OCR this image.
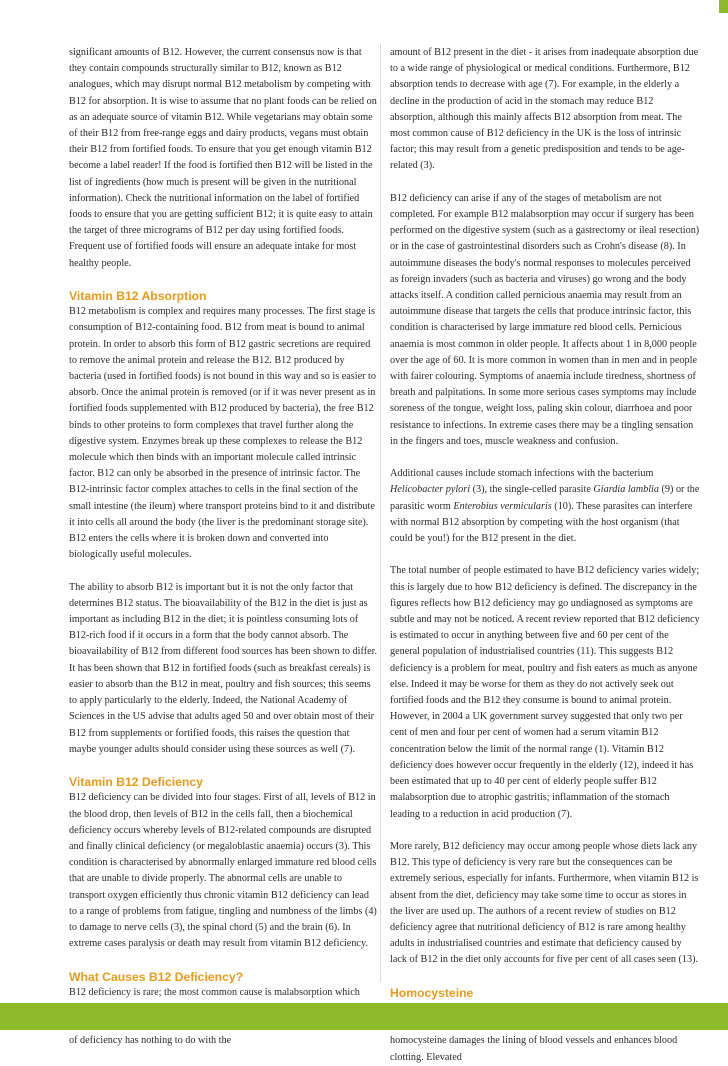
significant amounts of B12. However, the current consensus now is that they contain compounds structurally similar to B12, known as B12 analogues, which may disrupt normal B12 metabolism by competing with B12 for absorption. It is wise to assume that no plant foods can be relied on as an adequate source of vitamin B12. While vegetarians may obtain some of their B12 from free-range eggs and dairy products, vegans must obtain their B12 from fortified foods. To ensure that you get enough vitamin B12 become a label reader! If the food is fortified then B12 will be listed in the list of ingredients (how much is present will be given in the nutritional information). Check the nutritional information on the label of fortified foods to ensure that you are getting sufficient B12; it is quite easy to attain the target of three micrograms of B12 per day using fortified foods. Frequent use of fortified foods will ensure an adequate intake for most healthy people.

Vitamin B12 Absorption

B12 metabolism is complex and requires many processes. The first stage is consumption of B12-containing food. B12 from meat is bound to animal protein. In order to absorb this form of B12 gastric secretions are required to remove the animal protein and release the B12. B12 produced by bacteria (used in fortified foods) is not bound in this way and so is easier to absorb. Once the animal protein is removed (or if it was never present as in fortified foods supplemented with B12 produced by bacteria), the free B12 binds to other proteins to form complexes that travel further along the digestive system. Enzymes break up these complexes to release the B12 molecule which then binds with an important molecule called intrinsic factor. B12 can only be absorbed in the presence of intrinsic factor. The B12-intrinsic factor complex attaches to cells in the final section of the small intestine (the ileum) where transport proteins bind to it and distribute it into cells all around the body (the liver is the predominant storage site). B12 enters the cells where it is broken down and converted into biologically useful molecules.

The ability to absorb B12 is important but it is not the only factor that determines B12 status. The bioavailability of the B12 in the diet is just as important as including B12 in the diet; it is pointless consuming lots of B12-rich food if it occurs in a form that the body cannot absorb. The bioavailability of B12 from different food sources has been shown to differ. It has been shown that B12 in fortified foods (such as breakfast cereals) is easier to absorb than the B12 in meat, poultry and fish sources; this seems to apply particularly to the elderly. Indeed, the National Academy of Sciences in the US advise that adults aged 50 and over obtain most of their B12 from supplements or fortified foods, this raises the question that maybe younger adults should consider using these sources as well (7).

Vitamin B12 Deficiency

B12 deficiency can be divided into four stages. First of all, levels of B12 in the blood drop, then levels of B12 in the cells fall, then a biochemical deficiency occurs whereby levels of B12-related compounds are disrupted and finally clinical deficiency (or megaloblastic anaemia) occurs (3). This condition is characterised by abnormally enlarged immature red blood cells that are unable to divide properly. The abnormal cells are unable to transport oxygen efficiently thus chronic vitamin B12 deficiency can lead to a range of problems from fatigue, tingling and numbness of the limbs (4) to damage to nerve cells (3), the spinal chord (5) and the brain (6). In extreme cases paralysis or death may result from vitamin B12 deficiency.

What Causes B12 Deficiency?

B12 deficiency is rare; the most common cause is malabsorption which of deficiency has nothing to do with the

amount of B12 present in the diet - it arises from inadequate absorption due to a wide range of physiological or medical conditions. Furthermore, B12 absorption tends to decrease with age (7). For example, in the elderly a decline in the production of acid in the stomach may reduce B12 absorption, although this mainly affects B12 absorption from meat. The most common cause of B12 deficiency in the UK is the loss of intrinsic factor; this may result from a genetic predisposition and tends to be age-related (3).

B12 deficiency can arise if any of the stages of metabolism are not completed. For example B12 malabsorption may occur if surgery has been performed on the digestive system (such as a gastrectomy or ileal resection) or in the case of gastrointestinal disorders such as Crohn's disease (8). In autoimmune diseases the body's normal responses to molecules perceived as foreign invaders (such as bacteria and viruses) go wrong and the body attacks itself. A condition called pernicious anaemia may result from an autoimmune disease that targets the cells that produce intrinsic factor, this condition is characterised by large immature red blood cells. Pernicious anaemia is most common in older people. It affects about 1 in 8,000 people over the age of 60. It is more common in women than in men and in people with fairer colouring. Symptoms of anaemia include tiredness, shortness of breath and palpitations. In some more serious cases symptoms may include soreness of the tongue, weight loss, paling skin colour, diarrhoea and poor resistance to infections. In extreme cases there may be a tingling sensation in the fingers and toes, muscle weakness and confusion.

Additional causes include stomach infections with the bacterium Helicobacter pylori (3), the single-celled parasite Giardia lamblia (9) or the parasitic worm Enterobius vermicularis (10). These parasites can interfere with normal B12 absorption by competing with the host organism (that could be you!) for the B12 present in the diet.

The total number of people estimated to have B12 deficiency varies widely; this is largely due to how B12 deficiency is defined. The discrepancy in the figures reflects how B12 deficiency may go undiagnosed as symptoms are subtle and may not be noticed. A recent review reported that B12 deficiency is estimated to occur in anything between five and 60 per cent of the general population of industrialised countries (11). This suggests B12 deficiency is a problem for meat, poultry and fish eaters as much as anyone else. Indeed it may be worse for them as they do not actively seek out fortified foods and the B12 they consume is bound to animal protein. However, in 2004 a UK government survey suggested that only two per cent of men and four per cent of women had a serum vitamin B12 concentration below the limit of the normal range (1). Vitamin B12 deficiency does however occur frequently in the elderly (12), indeed it has been estimated that up to 40 per cent of elderly people suffer B12 malabsorption due to atrophic gastritis; inflammation of the stomach leading to a reduction in acid production (7).

More rarely, B12 deficiency may occur among people whose diets lack any B12. This type of deficiency is very rare but the consequences can be extremely serious, especially for infants. Furthermore, when vitamin B12 is absent from the diet, deficiency may take some time to occur as stores in the liver are used up. The authors of a recent review of studies on B12 deficiency agree that nutritional deficiency of B12 is rare among healthy adults in industrialised countries and estimate that deficiency caused by lack of B12 in the diet only accounts for five per cent of all cases seen (13).

Homocysteine

homocysteine damages the lining of blood vessels and enhances blood clotting. Elevated
